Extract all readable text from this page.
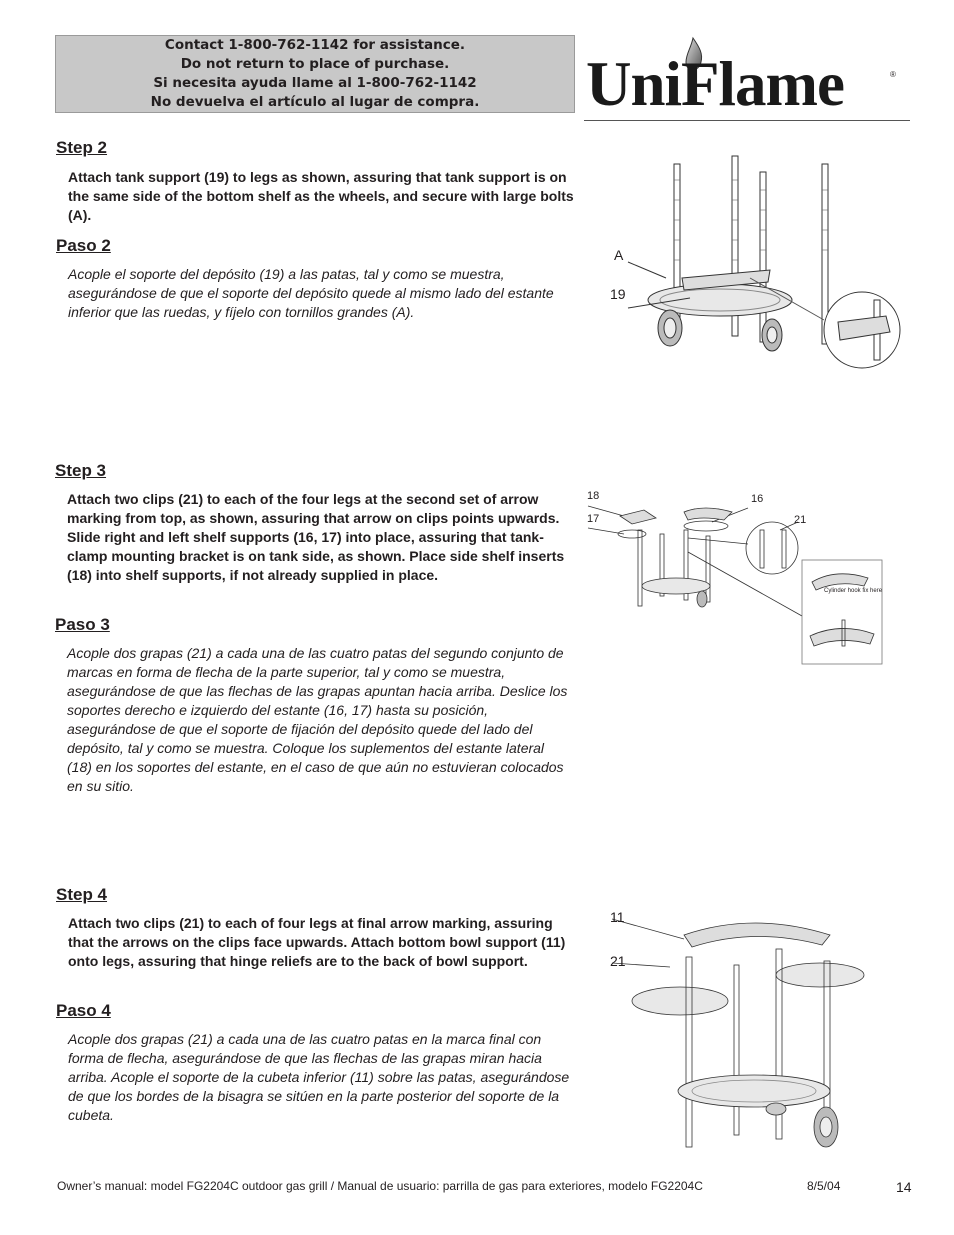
Contact 1-800-762-1142 for assistance.
Do not return to place of purchase.
Si necesita ayuda llame al 1-800-762-1142
No devuelva el artículo al lugar de compra. UniFlame	®
Step 2
Attach tank support (19) to legs as shown, assuring that tank support is on the same side of the bottom shelf as the wheels, and secure with large bolts (A).
Paso 2
Acople el soporte del depósito (19) a las patas, tal y como se muestra, asegurándose de que el soporte del depósito quede al mismo lado del estante inferior que las ruedas, y fíjelo con tornillos grandes (A).
A
19
Step 3
Attach two clips (21) to each of the four legs at the second set of arrow marking from top, as shown, assuring that arrow on clips points upwards. Slide right and left shelf supports (16, 17) into place, assuring that tank-clamp mounting bracket is on tank side, as shown. Place side shelf inserts (18) into shelf supports, if not already supplied in place.
Paso 3
Acople dos grapas (21) a cada una de las cuatro patas del segundo conjunto de marcas en forma de flecha de la parte superior, tal y como se muestra, asegurándose de que las flechas de las grapas apuntan hacia arriba. Deslice los soportes derecho e izquierdo del estante (16, 17) hasta su posición, asegurándose de que el soporte de fijación del depósito quede del lado del depósito, tal y como se muestra. Coloque los suplementos del estante lateral (18) en los soportes del estante, en el caso de que aún no estuvieran colocados en su sitio.
18
17
16
21
Cylinder hook fix here
Step 4
Attach two clips (21) to each of four legs at final arrow marking, assuring that the arrows on the clips face upwards. Attach bottom bowl support (11) onto legs, assuring that hinge reliefs are to the back of bowl support.
Paso 4
Acople dos grapas (21) a cada una de las cuatro patas en la marca final con forma de flecha, asegurándose de que las flechas de las grapas miran hacia arriba. Acople el soporte de la cubeta inferior (11) sobre las patas, asegurándose de que los bordes de la bisagra se sitúen en la parte posterior del soporte de la cubeta.
11
21
Owner’s manual: model FG2204C outdoor gas grill / Manual de usuario: parrilla de gas para exteriores, modelo FG2204C	8/5/04	14
